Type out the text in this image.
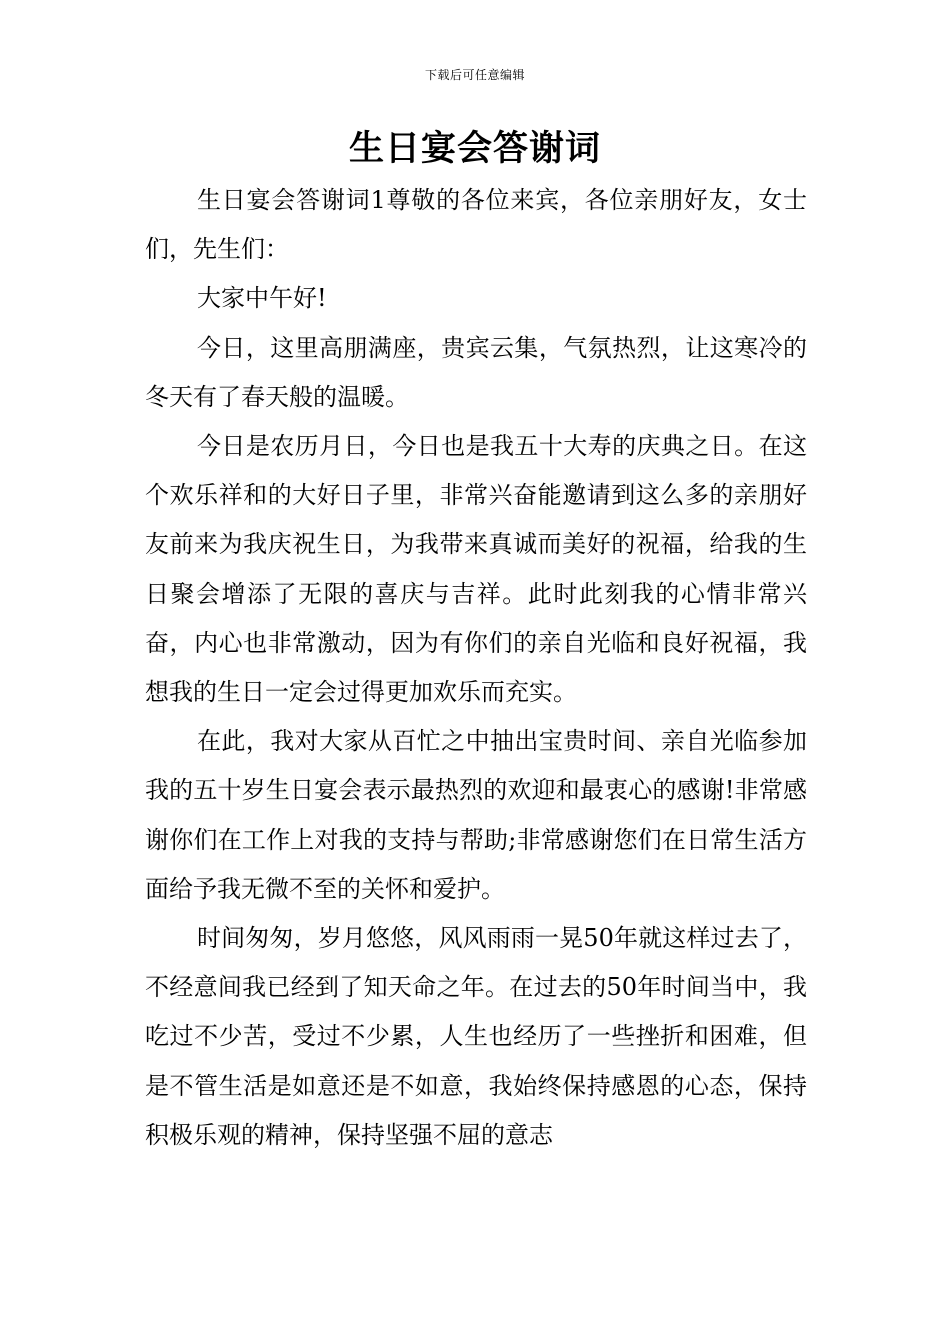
下载后可任意编辑
生日宴会答谢词

生日宴会答谢词1尊敬的各位来宾，各位亲朋好友，女士们，先生们：

大家中午好!

今日，这里高朋满座，贵宾云集，气氛热烈，让这寒冷的冬天有了春天般的温暖。

今日是农历月日，今日也是我五十大寿的庆典之日。在这个欢乐祥和的大好日子里，非常兴奋能邀请到这么多的亲朋好友前来为我庆祝生日，为我带来真诚而美好的祝福，给我的生日聚会增添了无限的喜庆与吉祥。此时此刻我的心情非常兴奋，内心也非常激动，因为有你们的亲自光临和良好祝福，我想我的生日一定会过得更加欢乐而充实。

在此，我对大家从百忙之中抽出宝贵时间、亲自光临参加我的五十岁生日宴会表示最热烈的欢迎和最衷心的感谢!非常感谢你们在工作上对我的支持与帮助;非常感谢您们在日常生活方面给予我无微不至的关怀和爱护。

时间匆匆，岁月悠悠，风风雨雨一晃50年就这样过去了，不经意间我已经到了知天命之年。在过去的50年时间当中，我吃过不少苦，受过不少累，人生也经历了一些挫折和困难，但是不管生活是如意还是不如意，我始终保持感恩的心态，保持积极乐观的精神，保持坚强不屈的意志
